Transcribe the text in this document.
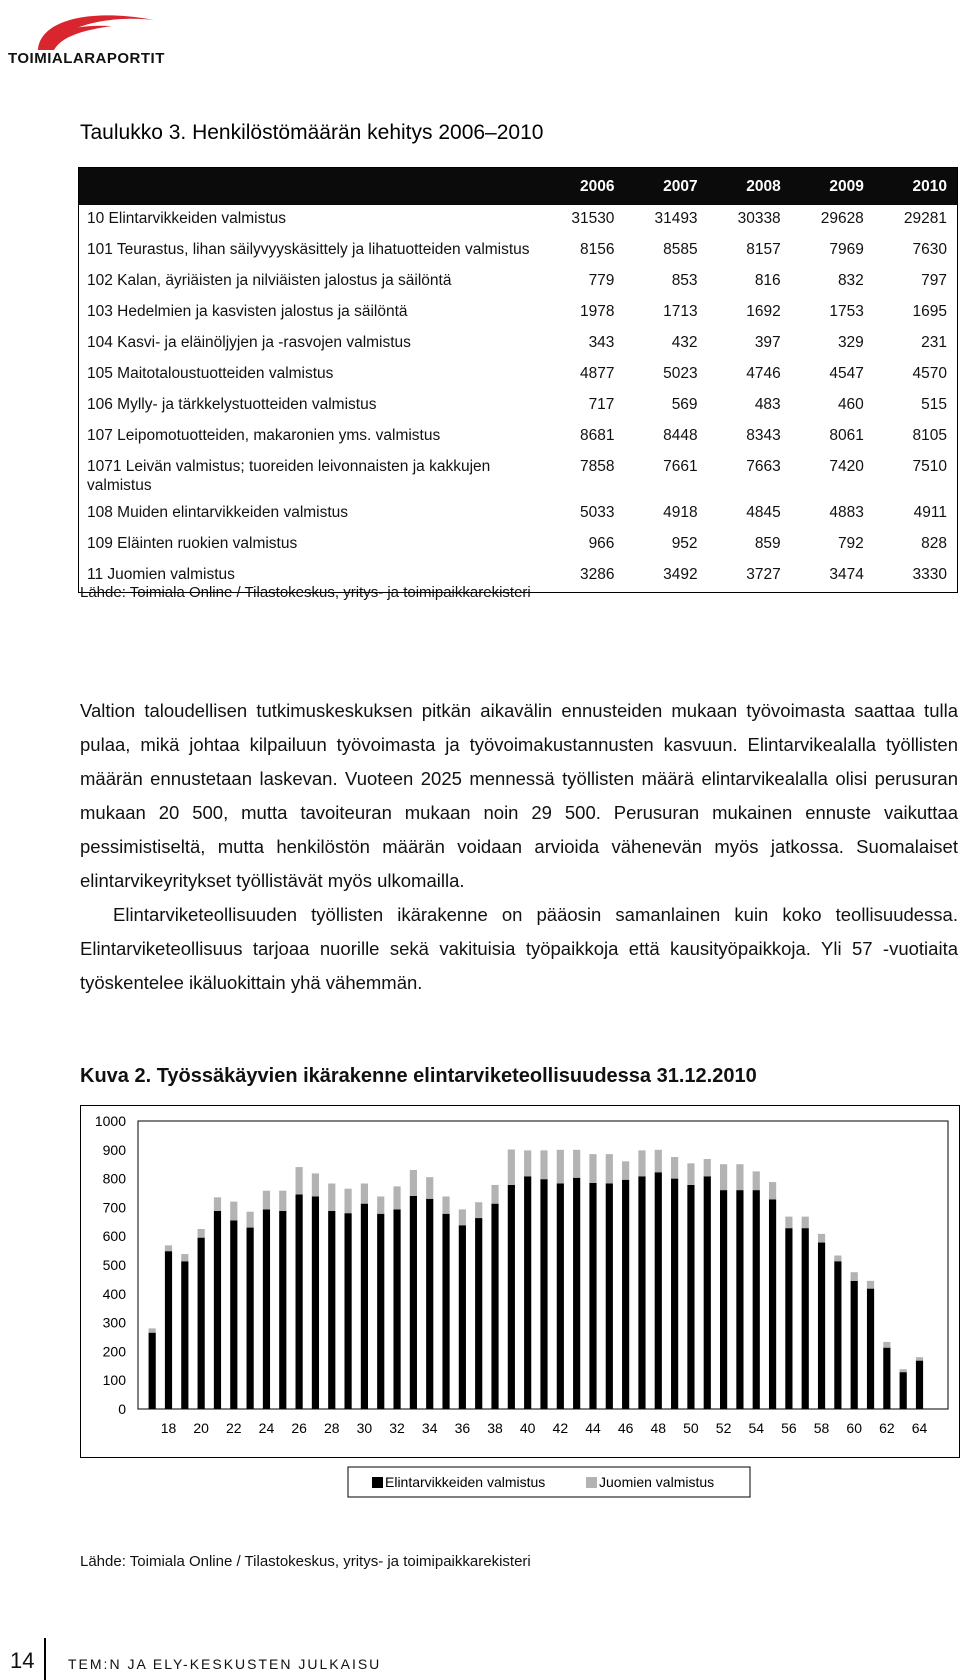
TOIMIALARAPORTIT
Taulukko 3. Henkilöstömäärän kehitys 2006–2010
	2006	2007	2008	2009	2010
10 Elintarvikkeiden valmistus	31530	31493	30338	29628	29281
101 Teurastus, lihan säilyvyyskäsittely ja lihatuotteiden valmistus	8156	8585	8157	7969	7630
102 Kalan, äyriäisten ja nilviäisten jalostus ja säilöntä	779	853	816	832	797
103 Hedelmien ja kasvisten jalostus ja säilöntä	1978	1713	1692	1753	1695
104 Kasvi- ja eläinöljyjen ja -rasvojen valmistus	343	432	397	329	231
105 Maitotaloustuotteiden valmistus	4877	5023	4746	4547	4570
106 Mylly- ja tärkkelystuotteiden valmistus	717	569	483	460	515
107 Leipomotuotteiden, makaronien yms. valmistus	8681	8448	8343	8061	8105
1071 Leivän valmistus; tuoreiden leivonnaisten ja kakkujen valmistus	7858	7661	7663	7420	7510
108 Muiden elintarvikkeiden valmistus	5033	4918	4845	4883	4911
109 Eläinten ruokien valmistus	966	952	859	792	828
11 Juomien valmistus	3286	3492	3727	3474	3330
Lähde: Toimiala Online / Tilastokeskus, yritys- ja toimipaikkarekisteri

Valtion taloudellisen tutkimuskeskuksen pitkän aikavälin ennusteiden mukaan työvoimasta saattaa tulla pulaa, mikä johtaa kilpailuun työvoimasta ja työvoimakustannusten kasvuun. Elintarvikealalla työllisten määrän ennustetaan laskevan. Vuoteen 2025 mennessä työllisten määrä elintarvikealalla olisi perusuran mukaan 20 500, mutta tavoiteuran mukaan noin 29 500. Perusuran mukainen ennuste vaikuttaa pessimistiseltä, mutta henkilöstön määrän voidaan arvioida vähenevän myös jatkossa. Suomalaiset elintarvikeyritykset työllistävät myös ulkomailla.

Elintarviketeollisuuden työllisten ikärakenne on pääosin samanlainen kuin koko teollisuudessa. Elintarviketeollisuus tarjoaa nuorille sekä vakituisia työpaikkoja että kausityöpaikkoja. Yli 57 -vuotiaita työskentelee ikäluokittain yhä vähemmän.

Kuva 2. Työssäkäyvien ikärakenne elintarviketeollisuudessa 31.12.2010
0
100
200
300
400
500
600
700
800
900
1000
18 20 22 24 26 28 30 32 34 36 38 40 42 44 46 48 50 52 54 56 58 60 62 64
Elintarvikkeiden valmistus	Juomien valmistus
Lähde: Toimiala Online / Tilastokeskus, yritys- ja toimipaikkarekisteri
14 TEM:N JA ELY-KESKUSTEN JULKAISU
